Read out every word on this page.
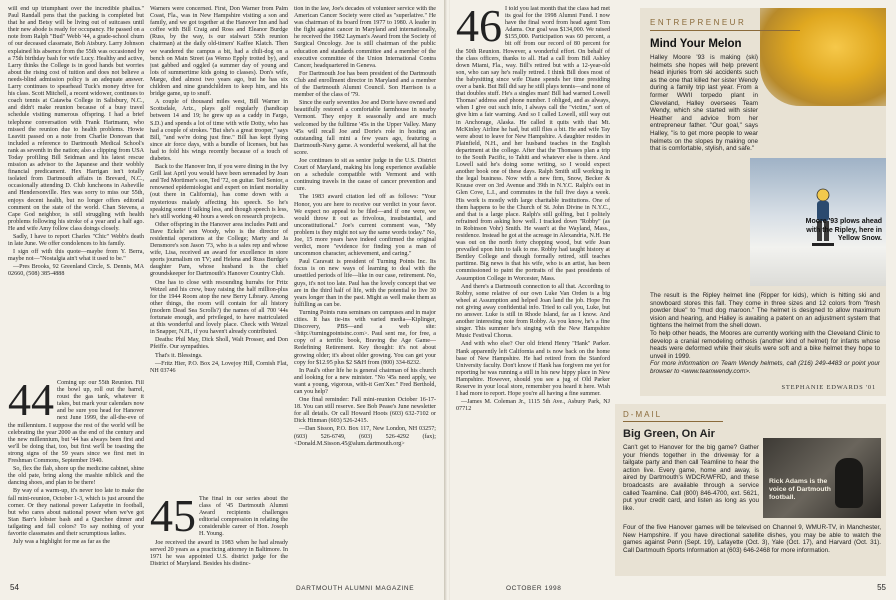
will end up triumphant over the incredible phallus." Paul Randall pens that the packing is completed but that he and Betsy will be living out of suitcases until their new abode is ready for occupancy. He passed on a note from Ralph "Bud" Webb '44, a grade-school chum of our deceased classmate, Bob Atsbury. Larry Johnson explained his absence from the 55th was occasioned by a 75th birthday bash for wife Lucy. Healthy and active, Larry thinks the College is in good hands but worries about the rising cost of tuition and does not believe a needs-blind admission policy is an adequate answer. Larry continues to spearhead Tuck's money drive for his class. Scott Mitchell, a recent widower, continues to coach tennis at Catawba College in Salisbury, N.C., and didn't make reunion because of a busy travel schedule visiting numerous offspring. I had a brief telephone conversation with Frank Hartmann, who missed the reunion due to health problems. Howie Leavitt passed on a note from Charlie Donovan that included a reference to Dartmouth Medical School's rank as seventh in the nation; also a clipping from USA Today profiling Bill Seidman and his latest rescue mission as advisor to the Japanese and their wobbly financial predicament. Hex Harrigan isn't totally isolated from Dartmouth affairs in Brevard, N.C., occasionally attending D. Club luncheons in Asheville and Hendersonville. Hex was sorry to miss our 55th, enjoys decent health, but no longer offers editorial comment on the state of the world. Chan Stevens, a Cape God neighbor, is still struggling with health problems following his stroke of a year and a half ago. He and wife Amy follow class doings closely.

Sadly, I have to report Charles "Chic" Webb's death in late June. We offer condolences to his family.

I sign off with this quote—maybe from Y. Berra, maybe not—"Nostalgia ain't what it used to be."

—Pres Brooks, 92 Greenland Circle, S. Dennis, MA 02660, (508) 385-4888

44 Coming up: our 55th Reunion. Fill the bowl up, roll out the barrel, roust the gas tank, whatever it takes, but mark your calendars now and be sure you head for Hanover next June 1999, the all-the-eve of the millennium. I suppose the rest of the world will be celebrating the year 2000 as the end of the century and the new millennium, but '44 has always been first and we'll be doing that, too, but first we'll be toasting the strong signs of the 59 years since we first met in Freshman Commons, September 1940.

So, flex the flab, shore up the medicine cabinet, shine the old pate, bring along the mashie niblick and the dancing shoes, and plan to be there!

By way of a warm-up, it's never too late to make the fall mini-reunion, October 1-3, which is just around the corner. Or they national power Lafayette in football, but who cares about national power when we've got Stan Barr's lobster bash and a Quechee dinner and tailgating and fall colors? To say nothing of your favorite classmates and their scrumptious ladies.

July was a highlight for me as far as the

Warners were concerned. First, Don Warner from Palm Coast, Fla., was in New Hampshire visiting a son and family, and we got together at the Hanover Inn and had coffee with Bill Craig and Ross and Eleanor Burdge (Russ, by the way, is our stalwart 55th reunion chairman) at the daily old-timers' Kaffee Klatch. Then we wandered the campus a bit, had a chili-dog on a bench on Main Street (as Wemo Epply trotted by), and just gabbed and oggled (a summer day of young and lots of summertime kids going to classes). Don's wife, Marge, died almost two years ago, but he has six children and nine grandchildren to keep him, and his bridge game, up to snuff.

A couple of thousand miles west, Bill Warner in Scottsdale, Ariz., plays golf regularly (handicap between 14 and 19; he grew up as a caddy in Fargo, S.D.) and spends a lot of time with wife Dotty, who has had a couple of strokes. "But she's a great trooper," says Bill, "and we're doing just fine." Bill has kept flying since air force days, with a bundle of licenses, but has had to fold his wings recently because of a touch of diabetes.

Back to the Hanover Inn, if you were dining in the Ivy Grill last April you would have been serenaded by Joan and Ted Mortimer's son, Ted '72, on guitar. Ted Senior, a renowned epidemiologist and expert on infant mortality (out there in California), has come down with a mysterious malady affecting his speech. So he's speaking some if talking less, and though speech is less, he's still working 40 hours a week on research projects.

Other offspring in the Hanover area includes Patti and Dave Eckels' son Woody, who is the director of residential operations at the College; Marty and Ja Densmore's son Jason '73, who is a sales rep and whose wife, Lisa, received an award for excellence in store sports journalism on TV; and Helena and Russ Burdge's daughter Pam, whose husband is the chief groundskeeper for Dartmouth's Hanover Country Club.

One has to close with resounding hurrahs for Fritz Wetzel and his crew, busy raising the half million-plus for the 1944 Room atop the new Berry Library. Among other things, the room will contain for all history (modern Dead Sea Scrolls?) the names of all 700 '44s fortunate enough, and privileged, to have matriculated at this wonderful and lovely place. Check with Wetzel in Snapper, N.H., if you haven't already contributed.

Deaths: Phil May, Dick Sholl, Walt Prosser, and Don Pfeiffe. Our sympathies.

That's it. Blessings.

—Fritz Hier, P.O. Box 24, Lovejoy Hill, Cornish Flat, NH 03746

45 The final in our series about the class of '45 Dartmouth Alumni Award recipients challenges editorial compression in relating the considerable career of Hon. Joseph H. Young.

Joe received the award in 1983 when he had already served 20 years as a practicing attorney in Baltimore. In 1971 he was appointed U.S. district judge for the District of Maryland. Besides his distinc-

tion in the law, Joe's decades of volunteer service with the American Cancer Society were cited as "superlative." He was chairman of its board from 1977 to 1980. A leader in the fight against cancer in Maryland and internationally, he received the 1982 Layman's Award from the Society of Surgical Oncology. Joe is still chairman of the public education and standards committee and a member of the executive committee of the Union International Contra Cancer, headquartered in Geneva.

For Dartmouth Joe has been president of the Dartmouth Club and enrollment director in Maryland and a member of the Dartmouth Alumni Council. Son Harrison is a member of the class of '79.

Since the early seventies Joe and Dorie have owned and beautifully restored a comfortable farmhouse in nearby Vermont. They enjoy it seasonally and are much welcomed by the fulltime '45s in the Upper Valley. Many '45s will recall Joe and Dorie's role in hosting an outstanding fall mini a few years ago, featuring a Dartmouth-Navy game. A wonderful weekend, all hat the score.

Joe continues to sit as senior judge in the U.S. District Court of Maryland, making his long experience available on a schedule compatible with Vermont and with continuing travels in the cause of cancer prevention and cure.

The 1983 award citation led off as follows: "Your Honor, you are here to receive our verdict in your favor. We expect no appeal to be filed—and if one were, we would throw it out as frivolous, insubstantial, and unconstitutional." Joe's current comment was, "My problem is they might not say the same words today." No, Joe, 15 more years have indeed confirmed the original verdict, more "evidence for finding you a man of uncommon character, achievement, and caring."

Paul Caravatt is president of Turning Points Inc. Its focus is on new ways of learning to deal with the unsettled periods of life—like in our case, retirement. No, guys, it's not too late. Paul has the lovely concept that we are in the third half of life, with the potential to live 30 years longer than in the past. Might as well make them as fulfilling as can be.

Turning Points runs seminars on campuses and in major cities. It has tie-ins with varied media—Kiplinger, Discovery, PBS—and a web site: <http://turningpointsinc.com>. Paul sent me, for free, a copy of a terrific book, Braving the Age Game—Redefining Retirement. Key thought: it's not about growing older; it's about older growing. You can get your copy for $12.95 plus $2 S&H from (800) 334-8232.

In Paul's other life he is general chairman of his church and looking for a new minister. "No '45s need apply, we want a young, vigorous, with-it Gen'Xer." Fred Berthold, can you help?

One final reminder: Fall mini-reunion October 16-17-18. You can still reserve. See Bob Pease's June newsletter for all details. Or call Howard Hoots (603) 632-7102 or Dick Hinman (603) 526-2415.

—Dan Sisson, P.O. Box 117, New London, NH 03257; (603) 526-6749, (603) 526-4292 (fax); <Donald.M.Sisson.45@alum.dartmouth.org>

54	DARTMOUTH ALUMNI MAGAZINE
46 I told you last month that the class had met its goal for the 1998 Alumni Fund. I now have the final word from head agent Tom Adams. Our goal was $134,000. We raised $155,000. Participation was 60 percent, a bit off from our record of 80 percent for the 50th Reunion. However, a wonderful effort. On behalf of the class officers, thanks to all. Had a call from Bill Ashley down Miami, Fla., way. Bill's retired but with a 12-year-old son, who can say he's really retired. I think Bill does most of the babysitting since wife Diane spends her time presiding over a bank. But Bill did say he still plays tennis—and none of that doubles stuff. He's a singles man! Bill had warned Lowell Thomas' address and phone number. I obliged, and as always, when I give out such info, I always call the "victim," sort of give him a fair warning. And so I called Lowell, still way out in Anchorage, Alaska. He called it quits with that Mt. McKinley Airline he had, but still flies a bit. He and wife Tay were about to leave for New Hampshire. A daughter resides in Plainfield, N.H., and her husband teaches in the English department at the college. After that the Thomases plan a trip to the South Pacific, to Tahiti and whatever else is there. And Lowell said he's doing some writing, so I would expect another book one of these days. Ralph Smith still working in the legal business. Now with a new firm, Snow, Becker & Krause over on 3rd Avenue and 39th in N.Y.C. Ralph's out in Glen Cove, L.I., and commutes in the full five days a week. His work is mostly with large charitable institutions. One of them happens to be the Church of St. John Divine in N.Y.C., and that is a large place. Ralph's still golfing, but I politely refrained from asking how well. I tracked down "Robby" (as in Robinson Vohr) Smith. He wasn't at the Wayland, Mass., residence. Instead he got at the acreage in Alexandria, N.H. He was out on the north forty chopping wood, but wife Joan prevailed upon him to talk to me. Robby had taught history at Bentley College and though formally retired, still teaches parttime. Big news is that his wife, who is an artist, has been commissioned to paint the portraits of the past presidents of Assumption College in Worcester, Mass.

And there's a Dartmouth connection to all that. According to Robby, some relative of our own Luke Van Orden is a big wheel at Assumption and helped Joan land the job. Hope I'm not giving away confidential info. Tried to call you, Luke, but no answer. Luke is still in Rhode Island, far as I know. And another interesting note from Robby. As you know, he's a fine singer. This summer he's singing with the New Hampshire Music Festival Chorus.

And with who else? Our old friend Henry "Hank" Parker. Hank apparently left California and is now back on the home base of New Hampshire. He had retired from the Stanford University faculty. Don't know if Hank has forgiven me yet for reporting he was running a still in his new hippy place in New Hampshire. However, should you see a jug of Old Parker Reserve in your local store, remember you heard it here. Wish I had more to report. Hope you're all having a fine summer.

—James M. Coleman Jr., 1115 5th Ave., Asbury Park, NJ 07712

OCTOBER 1998	55
ENTREPRENEUR
Mind Your Melon

Halley Moore '93 is making (ski) helmets she hopes will help prevent head injuries from ski accidents such as the one that killed her sister Wendy during a family trip last year. From a former WWII torpedo plant in Cleveland, Halley oversees Team Wendy, which she started with sister Heather and advice from her entrepreneur father. "Our goal," says Halley, "is to get more people to wear helmets on the slopes by making one that is comfortable, stylish, and safe."

Moore '93 plows ahead with the Ripley, here in Yellow Snow.

The result is the Ripley helmet line (Ripper for kids), which is hitting ski and snowboard stores this fall. They come in three sizes and 12 colors from "fresh powder blue" to "mud dog maroon." The helmet is designed to allow maximum vision and hearing, and Halley is awaiting a patent on an adjustment system that tightens the helmet from the shell down.

To help other heads, the Moores are currently working with the Cleveland Clinic to develop a cranial remodeling orthosis (another kind of helmet) for infants whose heads were deformed while their skulls were soft and a bike helmet they hope to unveil in 1999.

For more information on Team Wendy helmets, call (216) 249-4483 or point your browser to <www.teamwendy.com>.

STEPHANIE EDWARDS '01
D-MAIL
Big Green, On Air
Rick Adams is the voice of Dartmouth football.

Can't get to Hanover for the big game? Gather your friends together in the driveway for a tailgate party and then call Teamline to hear the action live. Every game, home and away, is aired by Dartmouth's WDCR/WFRD, and these broadcasts are available through a service called Teamline. Call (800) 846-4700, ext. 5621, put your credit card, and listen as long as you like.

Four of the five Hanover games will be televised on Channel 9, WMUR-TV, in Manchester, New Hampshire. If you have directional satellite dishes, you may be able to watch the games against Penn (Sept. 19), Lafayette (Oct. 3), Yale (Oct. 17), and Harvard (Oct. 31). Call Dartmouth Sports Information at (603) 646-2468 for more information.
